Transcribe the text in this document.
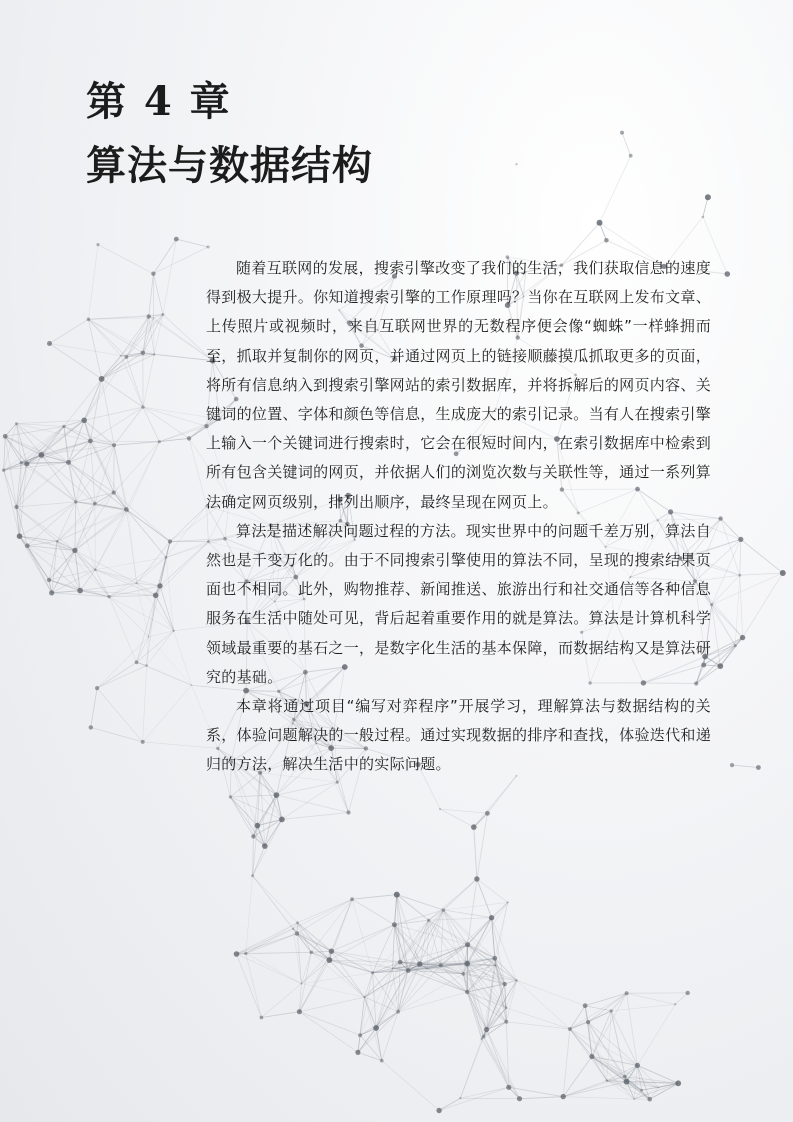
第 4 章
算法与数据结构

随着互联网的发展，搜索引擎改变了我们的生活，我们获取信息的速度得到极大提升。你知道搜索引擎的工作原理吗？当你在互联网上发布文章、上传照片或视频时，来自互联网世界的无数程序便会像“蜘蛛”一样蜂拥而至，抓取并复制你的网页，并通过网页上的链接顺藤摸瓜抓取更多的页面，将所有信息纳入到搜索引擎网站的索引数据库，并将拆解后的网页内容、关键词的位置、字体和颜色等信息，生成庞大的索引记录。当有人在搜索引擎上输入一个关键词进行搜索时，它会在很短时间内，在索引数据库中检索到所有包含关键词的网页，并依据人们的浏览次数与关联性等，通过一系列算法确定网页级别，排列出顺序，最终呈现在网页上。

算法是描述解决问题过程的方法。现实世界中的问题千差万别，算法自然也是千变万化的。由于不同搜索引擎使用的算法不同，呈现的搜索结果页面也不相同。此外，购物推荐、新闻推送、旅游出行和社交通信等各种信息服务在生活中随处可见，背后起着重要作用的就是算法。算法是计算机科学领域最重要的基石之一，是数字化生活的基本保障，而数据结构又是算法研究的基础。

本章将通过项目“编写对弈程序”开展学习，理解算法与数据结构的关系，体验问题解决的一般过程。通过实现数据的排序和查找，体验迭代和递归的方法，解决生活中的实际问题。
